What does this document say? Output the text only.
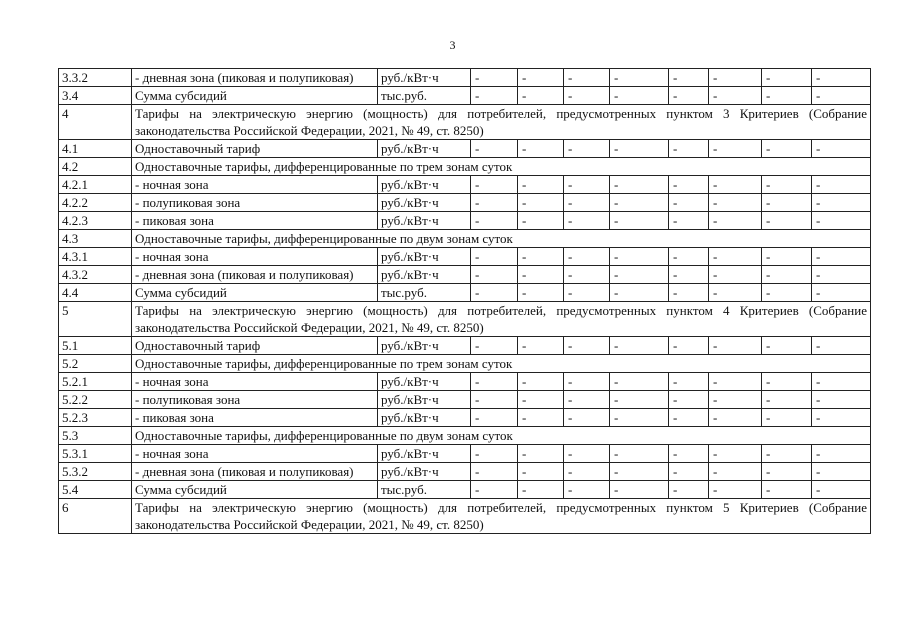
3
3.3.2	- дневная зона (пиковая и полупиковая)	руб./кВт·ч	-	-	-	-	-	-	-	-
3.4	Сумма субсидий	тыс.руб.	-	-	-	-	-	-	-	-
4	Тарифы на электрическую энергию (мощность) для потребителей, предусмотренных пунктом 3 Критериев (Собрание законодательства Российской Федерации, 2021, № 49, ст. 8250)									
4.1	Одноставочный тариф	руб./кВт·ч	-	-	-	-	-	-	-	-
4.2	Одноставочные тарифы, дифференцированные по трем зонам суток									
4.2.1	- ночная зона	руб./кВт·ч	-	-	-	-	-	-	-	-
4.2.2	- полупиковая зона	руб./кВт·ч	-	-	-	-	-	-	-	-
4.2.3	- пиковая зона	руб./кВт·ч	-	-	-	-	-	-	-	-
4.3	Одноставочные тарифы, дифференцированные по двум зонам суток									
4.3.1	- ночная зона	руб./кВт·ч	-	-	-	-	-	-	-	-
4.3.2	- дневная зона (пиковая и полупиковая)	руб./кВт·ч	-	-	-	-	-	-	-	-
4.4	Сумма субсидий	тыс.руб.	-	-	-	-	-	-	-	-
5	Тарифы на электрическую энергию (мощность) для потребителей, предусмотренных пунктом 4 Критериев (Собрание законодательства Российской Федерации, 2021, № 49, ст. 8250)									
5.1	Одноставочный тариф	руб./кВт·ч	-	-	-	-	-	-	-	-
5.2	Одноставочные тарифы, дифференцированные по трем зонам суток									
5.2.1	- ночная зона	руб./кВт·ч	-	-	-	-	-	-	-	-
5.2.2	- полупиковая зона	руб./кВт·ч	-	-	-	-	-	-	-	-
5.2.3	- пиковая зона	руб./кВт·ч	-	-	-	-	-	-	-	-
5.3	Одноставочные тарифы, дифференцированные по двум зонам суток									
5.3.1	- ночная зона	руб./кВт·ч	-	-	-	-	-	-	-	-
5.3.2	- дневная зона (пиковая и полупиковая)	руб./кВт·ч	-	-	-	-	-	-	-	-
5.4	Сумма субсидий	тыс.руб.	-	-	-	-	-	-	-	-
6	Тарифы на электрическую энергию (мощность) для потребителей, предусмотренных пунктом 5 Критериев (Собрание законодательства Российской Федерации, 2021, № 49, ст. 8250)									
